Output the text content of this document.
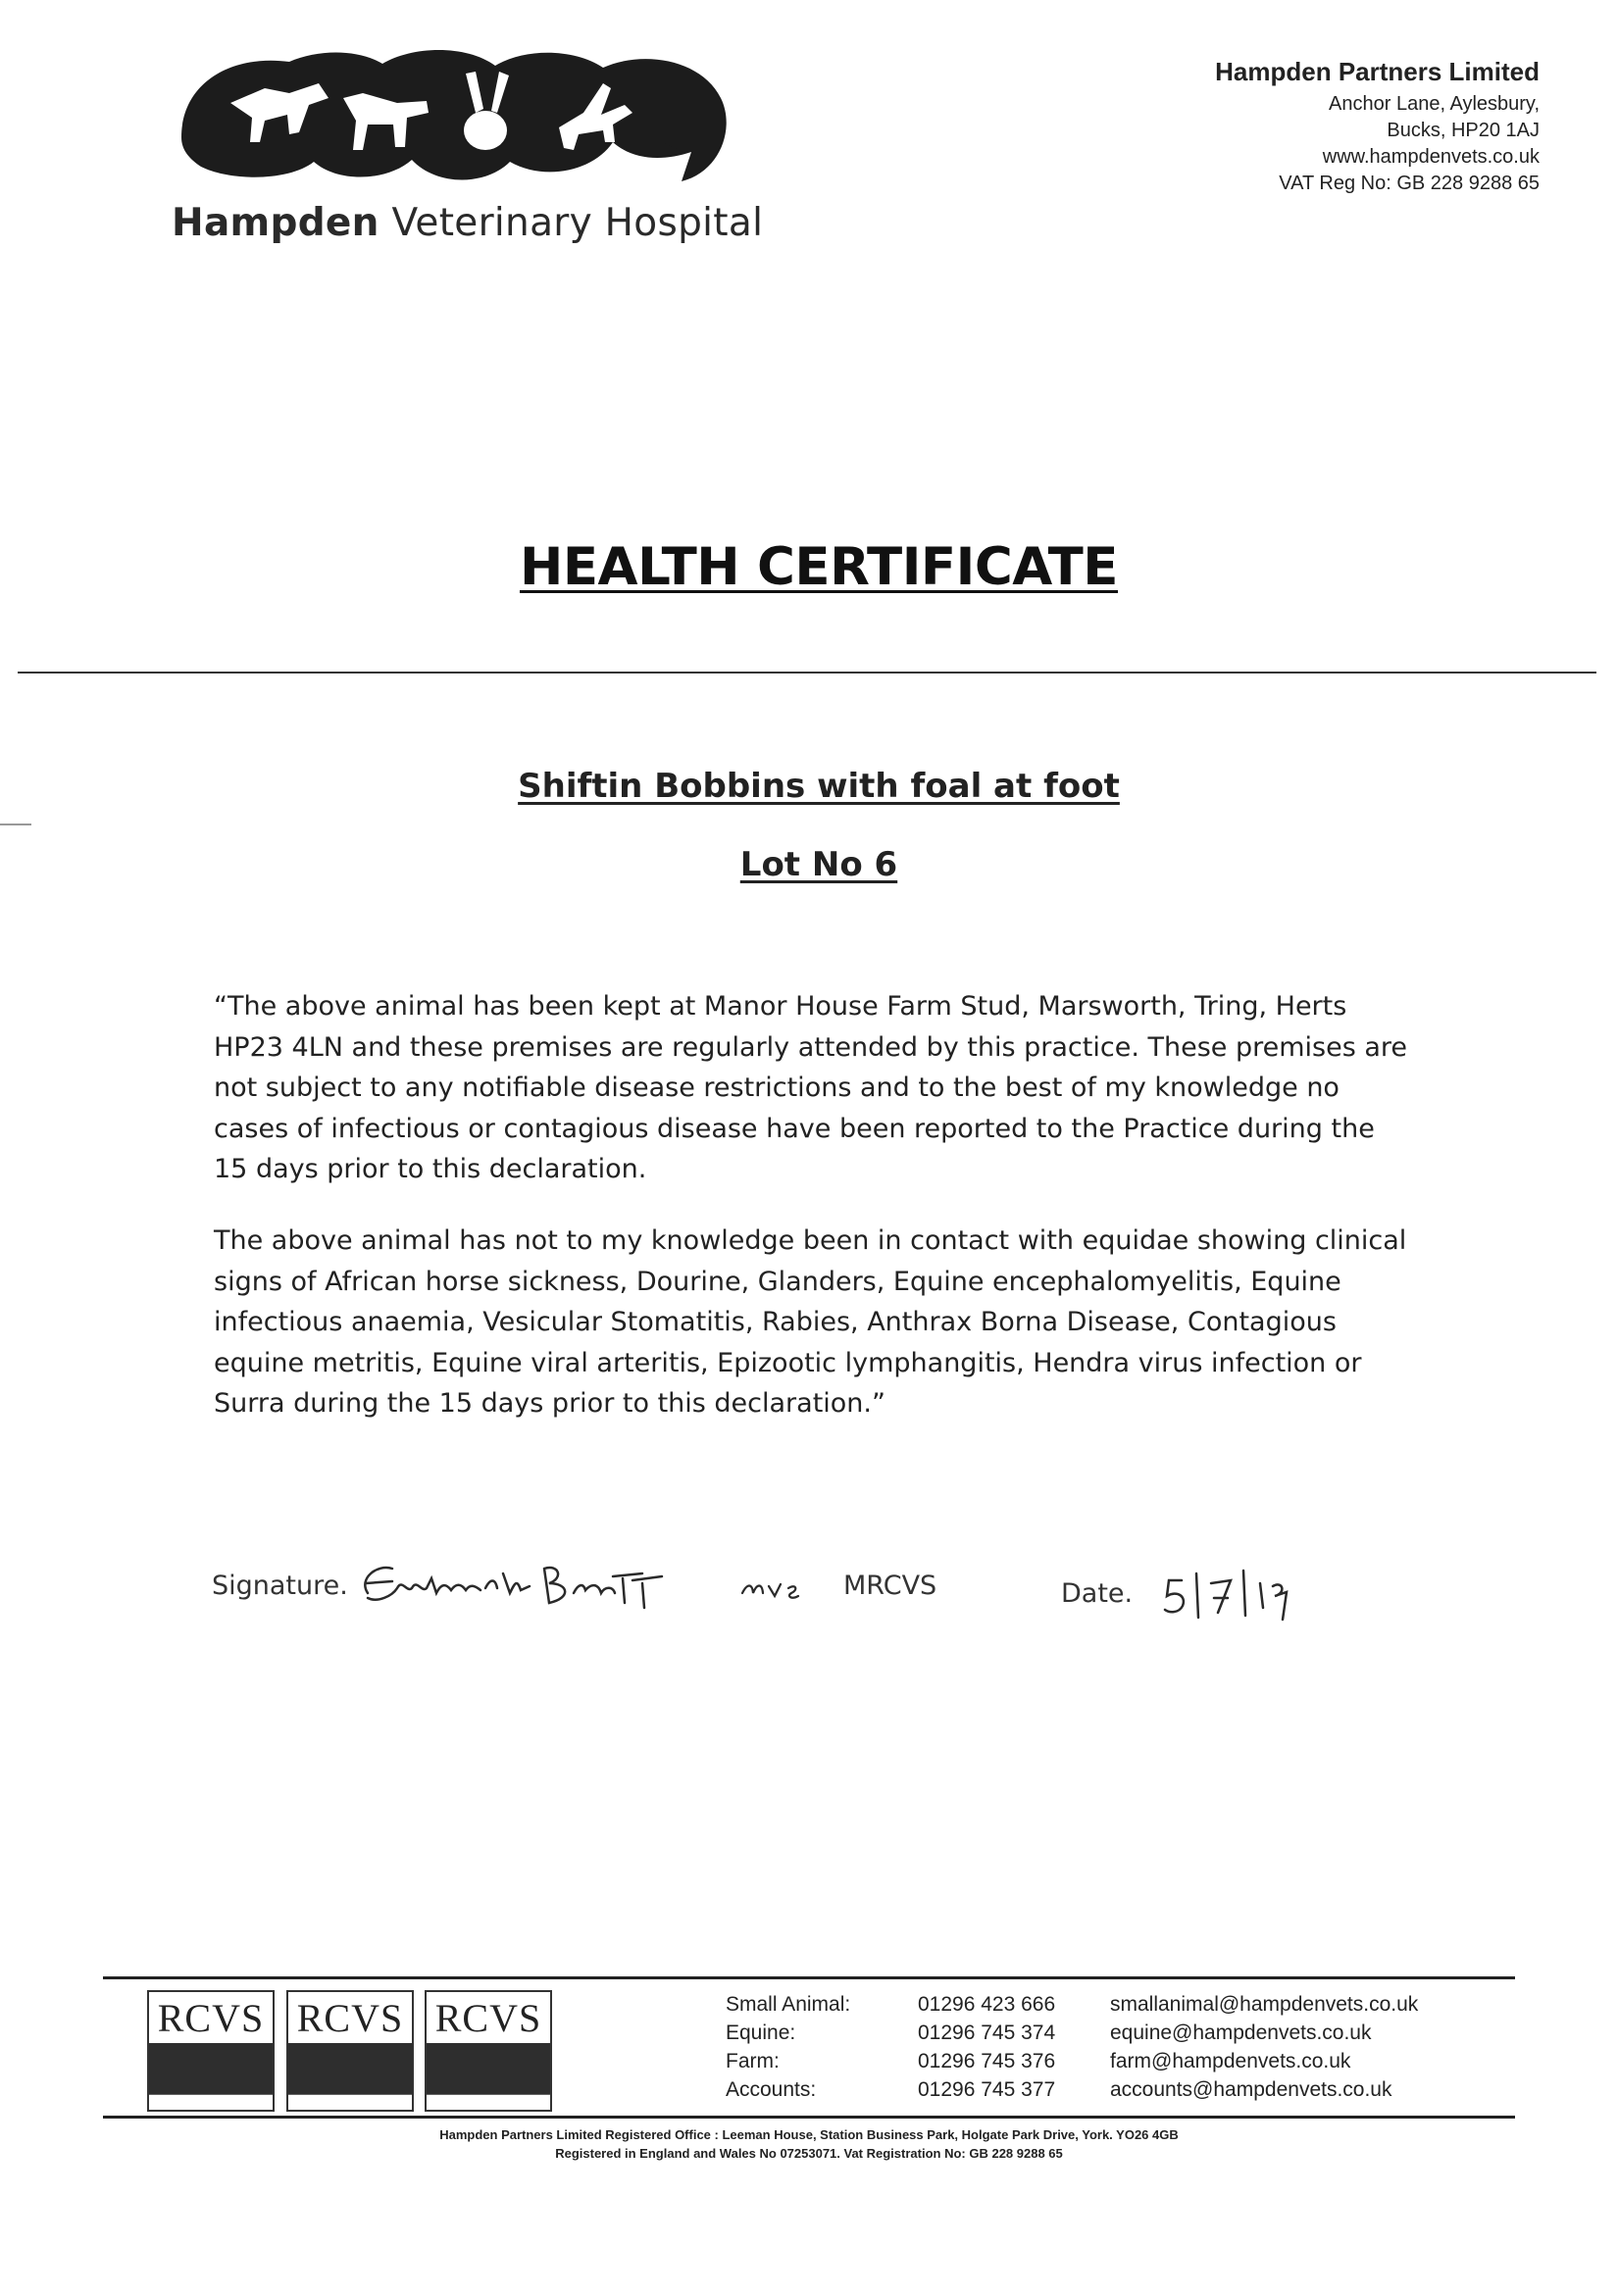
Hampden Veterinary Hospital
Hampden Partners Limited
Anchor Lane, Aylesbury,
Bucks, HP20 1AJ
www.hampdenvets.co.uk
VAT Reg No: GB 228 9288 65
HEALTH CERTIFICATE
Shiftin Bobbins with foal at foot
Lot No 6
“The above animal has been kept at Manor House Farm Stud, Marsworth, Tring, Herts HP23 4LN and these premises are regularly attended by this practice. These premises are not subject to any notifiable disease restrictions and to the best of my knowledge no cases of infectious or contagious disease have been reported to the Practice during the 15 days prior to this declaration.
The above animal has not to my knowledge been in contact with equidae showing clinical signs of African horse sickness, Dourine, Glanders, Equine encephalomyelitis, Equine infectious anaemia, Vesicular Stomatitis, Rabies, Anthrax Borna Disease, Contagious equine metritis, Equine viral arteritis, Epizootic lymphangitis, Hendra virus infection or Surra during the 15 days prior to this declaration.”
Signature.	MRCVS	Date.
RCVS RCVS RCVS	Small Animal:	01296 423 666	smallanimal@hampdenvets.co.uk
Equine:	01296 745 374	equine@hampdenvets.co.uk
Farm:	01296 745 376	farm@hampdenvets.co.uk
Accounts:	01296 745 377	accounts@hampdenvets.co.uk
Hampden Partners Limited Registered Office : Leeman House, Station Business Park, Holgate Park Drive, York. YO26 4GB
Registered in England and Wales No 07253071. Vat Registration No: GB 228 9288 65
